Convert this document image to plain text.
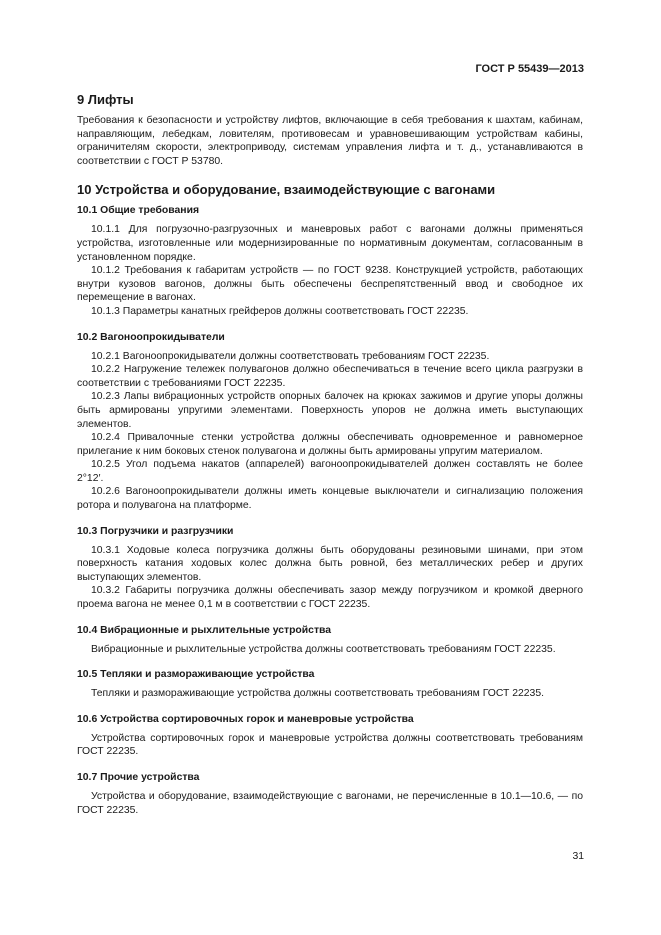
ГОСТ Р 55439—2013
9 Лифты

Требования к безопасности и устройству лифтов, включающие в себя требования к шахтам, кабинам, направляющим, лебедкам, ловителям, противовесам и уравновешивающим устройствам кабины, ограничителям скорости, электроприводу, системам управления лифта и т. д., устанавливаются в соответствии с ГОСТ Р 53780.

10 Устройства и оборудование, взаимодействующие с вагонами
10.1 Общие требования

10.1.1 Для погрузочно-разгрузочных и маневровых работ с вагонами должны применяться устройства, изготовленные или модернизированные по нормативным документам, согласованным в установленном порядке.

10.1.2 Требования к габаритам устройств — по ГОСТ 9238. Конструкцией устройств, работающих внутри кузовов вагонов, должны быть обеспечены беспрепятственный ввод и свободное их перемещение в вагонах.

10.1.3 Параметры канатных грейферов должны соответствовать ГОСТ 22235.

10.2 Вагоноопрокидыватели

10.2.1 Вагоноопрокидыватели должны соответствовать требованиям ГОСТ 22235.

10.2.2 Нагружение тележек полувагонов должно обеспечиваться в течение всего цикла разгрузки в соответствии с требованиями ГОСТ 22235.

10.2.3 Лапы вибрационных устройств опорных балочек на крюках зажимов и другие упоры должны быть армированы упругими элементами. Поверхность упоров не должна иметь выступающих элементов.

10.2.4 Привалочные стенки устройства должны обеспечивать одновременное и равномерное прилегание к ним боковых стенок полувагона и должны быть армированы упругим материалом.

10.2.5 Угол подъема накатов (аппарелей) вагоноопрокидывателей должен составлять не более 2°12′.

10.2.6 Вагоноопрокидыватели должны иметь концевые выключатели и сигнализацию положения ротора и полувагона на платформе.

10.3 Погрузчики и разгрузчики

10.3.1 Ходовые колеса погрузчика должны быть оборудованы резиновыми шинами, при этом поверхность катания ходовых колес должна быть ровной, без металлических ребер и других выступающих элементов.

10.3.2 Габариты погрузчика должны обеспечивать зазор между погрузчиком и кромкой дверного проема вагона не менее 0,1 м в соответствии с ГОСТ 22235.

10.4 Вибрационные и рыхлительные устройства

Вибрационные и рыхлительные устройства должны соответствовать требованиям ГОСТ 22235.

10.5 Тепляки и размораживающие устройства

Тепляки и размораживающие устройства должны соответствовать требованиям ГОСТ 22235.

10.6 Устройства сортировочных горок и маневровые устройства

Устройства сортировочных горок и маневровые устройства должны соответствовать требованиям ГОСТ 22235.

10.7 Прочие устройства

Устройства и оборудование, взаимодействующие с вагонами, не перечисленные в 10.1—10.6, — по ГОСТ 22235.

31
